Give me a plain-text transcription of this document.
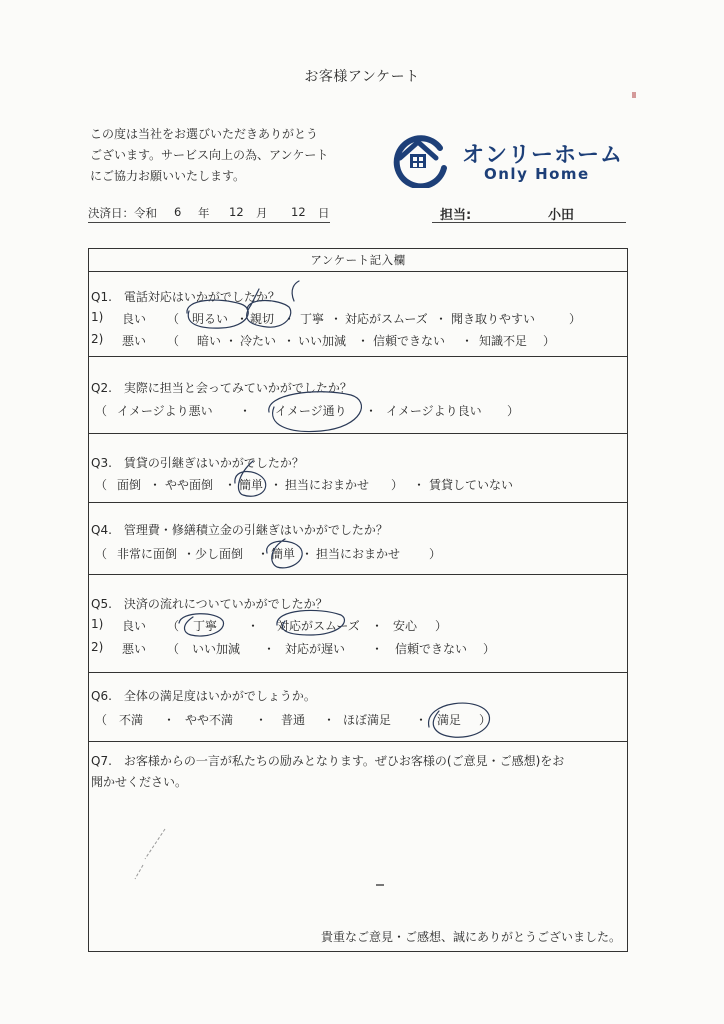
お客様アンケート
この度は当社をお選びいただきありがとう
ございます。サービス向上の為、アンケート
にご協力お願いいたします。
オンリーホーム
Only Home
決済日：令和 6 年 12 月 12 日	担当:	小田
アンケート記入欄
Q1.　電話対応はいかがでしたか？
1) 良い （ 明るい ・ 親切 ・ 丁寧 ・ 対応がスムーズ ・ 聞き取りやすい	）
2) 悪い （ 暗い ・ 冷たい ・ いい加減 ・ 信頼できない ・ 知識不足 ）
Q2.　実際に担当と会ってみていかがでしたか？
（ イメージより悪い ・ イメージ通り ・ イメージより良い ）
Q3.　賃貸の引継ぎはいかがでしたか？
（ 面倒 ・ やや面倒 ・ 簡単 ・ 担当におまかせ ） ・ 賃貸していない
Q4.　管理費・修繕積立金の引継ぎはいかがでしたか？
（ 非常に面倒 ・ 少し面倒 ・ 簡単 ・ 担当におまかせ ）
Q5.　決済の流れについていかがでしたか？
1) 良い （ 丁寧 ・ 対応がスムーズ ・ 安心 ）
2) 悪い （ いい加減 ・ 対応が遅い ・ 信頼できない ）
Q6.　全体の満足度はいかがでしょうか。
（ 不満 ・ やや不満 ・ 普通 ・ ほぼ満足 ・ 満足 ）
Q7.　お客様からの一言が私たちの励みとなります。ぜひお客様の(ご意見・ご感想)をお
聞かせください。
貴重なご意見・ご感想、誠にありがとうございました。
